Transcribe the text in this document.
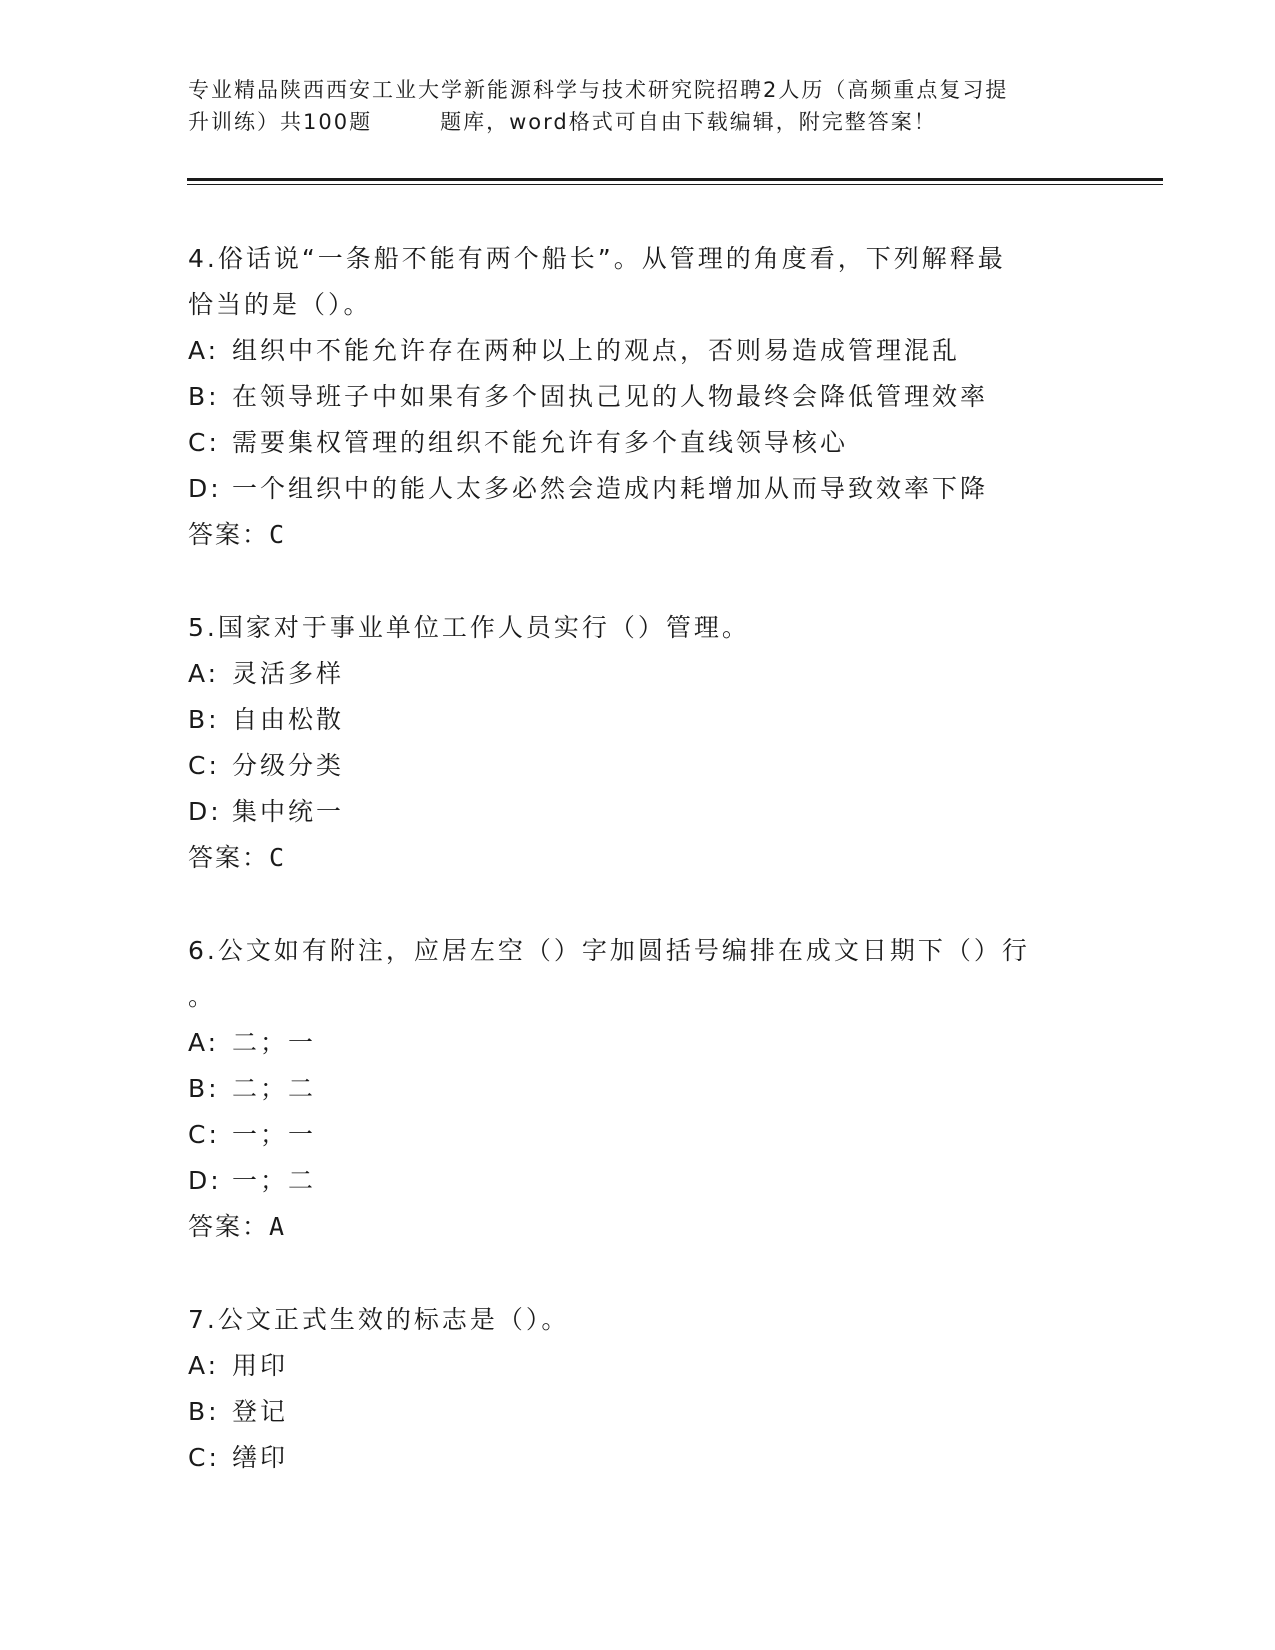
专业精品陕西西安工业大学新能源科学与技术研究院招聘2人历（高频重点复习提
升训练）共100题	题库，word格式可自由下载编辑，附完整答案！
4.俗话说“一条船不能有两个船长”。从管理的角度看，下列解释最
恰当的是（）。
A: 组织中不能允许存在两种以上的观点，否则易造成管理混乱
B: 在领导班子中如果有多个固执己见的人物最终会降低管理效率
C: 需要集权管理的组织不能允许有多个直线领导核心
D: 一个组织中的能人太多必然会造成内耗增加从而导致效率下降
答案：C
5.国家对于事业单位工作人员实行（）管理。
A: 灵活多样
B: 自由松散
C: 分级分类
D: 集中统一
答案：C
6.公文如有附注，应居左空（）字加圆括号编排在成文日期下（）行
。
A: 二；一
B: 二；二
C: 一；一
D: 一；二
答案：A
7.公文正式生效的标志是（）。
A: 用印
B: 登记
C: 缮印
